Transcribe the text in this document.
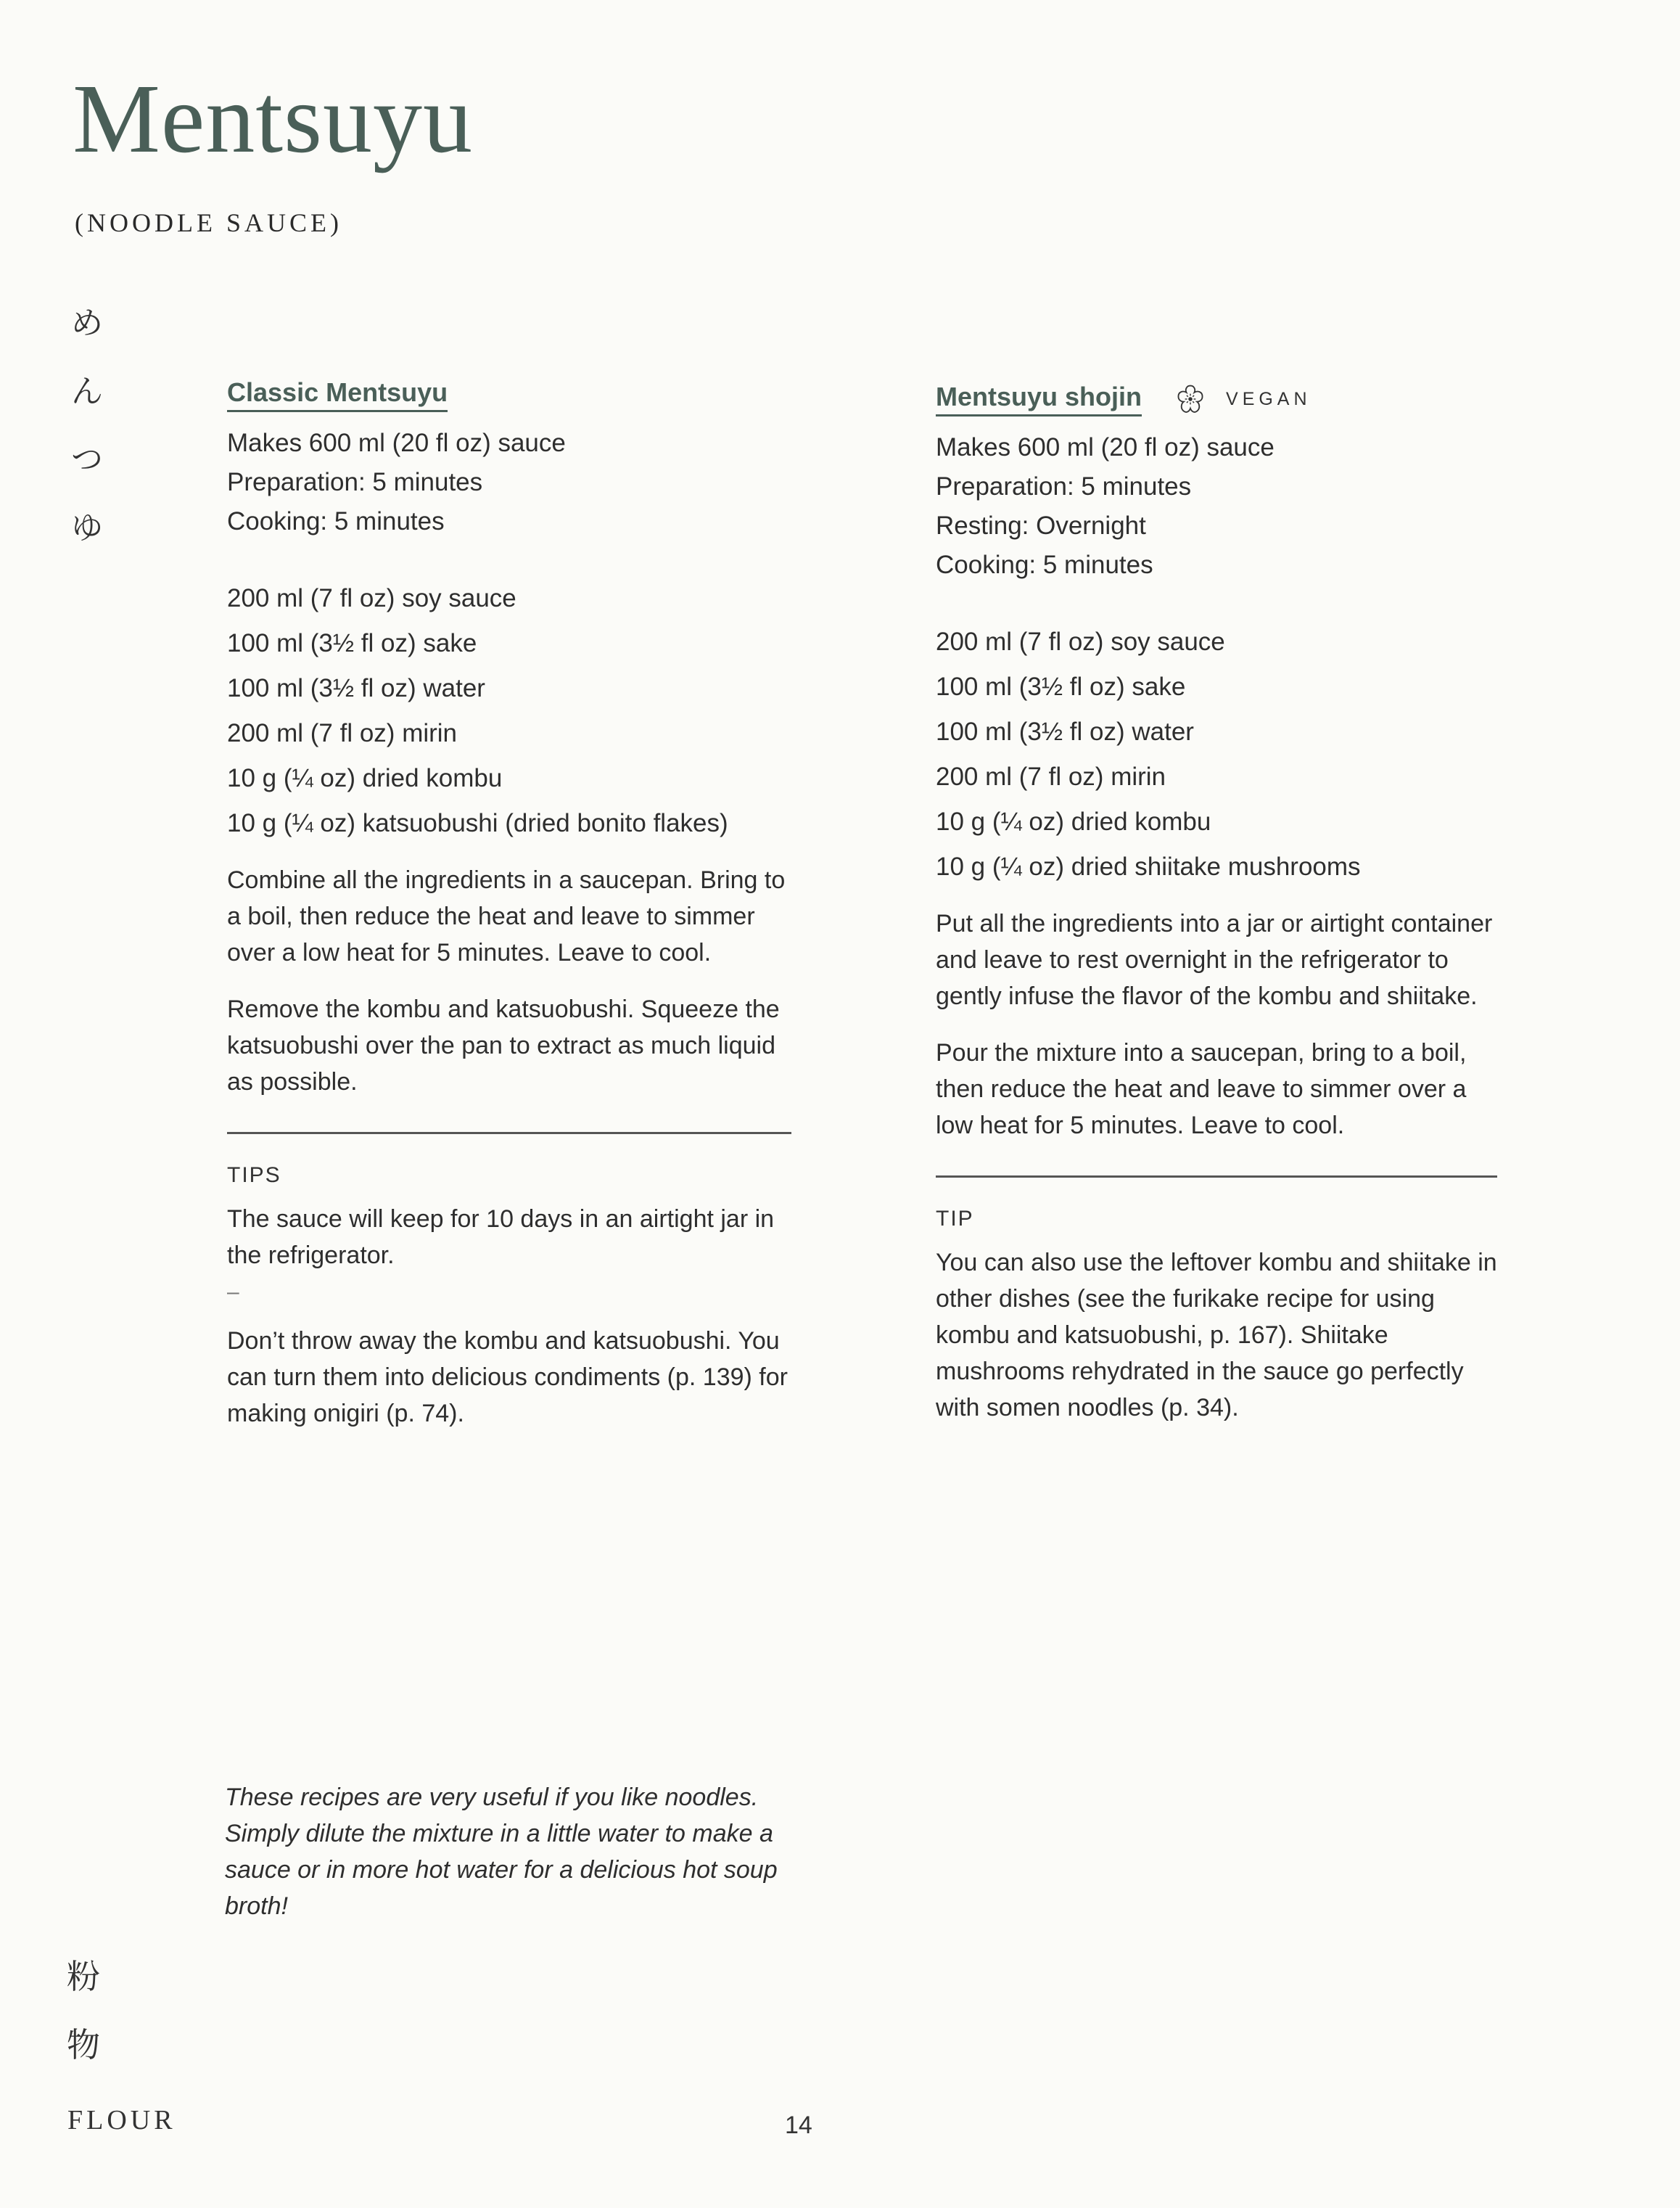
Mentsuyu
(NOODLE SAUCE)
め
ん
つ
ゆ
Classic Mentsuyu
Makes 600 ml (20 fl oz) sauce
Preparation: 5 minutes
Cooking: 5 minutes
200 ml (7 fl oz) soy sauce
100 ml (3½ fl oz) sake
100 ml (3½ fl oz) water
200 ml (7 fl oz) mirin
10 g (¼ oz) dried kombu
10 g (¼ oz) katsuobushi (dried bonito flakes)

Combine all the ingredients in a saucepan. Bring to a boil, then reduce the heat and leave to simmer over a low heat for 5 minutes. Leave to cool.

Remove the kombu and katsuobushi. Squeeze the katsuobushi over the pan to extract as much liquid as possible.

TIPS

The sauce will keep for 10 days in an airtight jar in the refrigerator.

–

Don’t throw away the kombu and katsuobushi. You can turn them into delicious condiments (p. 139) for making onigiri (p. 74).

Mentsuyu shojin	VEGAN
Makes 600 ml (20 fl oz) sauce
Preparation: 5 minutes
Resting: Overnight
Cooking: 5 minutes
200 ml (7 fl oz) soy sauce
100 ml (3½ fl oz) sake
100 ml (3½ fl oz) water
200 ml (7 fl oz) mirin
10 g (¼ oz) dried kombu
10 g (¼ oz) dried shiitake mushrooms

Put all the ingredients into a jar or airtight container and leave to rest overnight in the refrigerator to gently infuse the flavor of the kombu and shiitake.

Pour the mixture into a saucepan, bring to a boil, then reduce the heat and leave to simmer over a low heat for 5 minutes. Leave to cool.

TIP

You can also use the leftover kombu and shiitake in other dishes (see the furikake recipe for using kombu and katsuobushi, p. 167). Shiitake mushrooms rehydrated in the sauce go perfectly with somen noodles (p. 34).

These recipes are very useful if you like noodles. Simply dilute the mixture in a little water to make a sauce or in more hot water for a delicious hot soup broth!

粉
物
FLOUR	14
